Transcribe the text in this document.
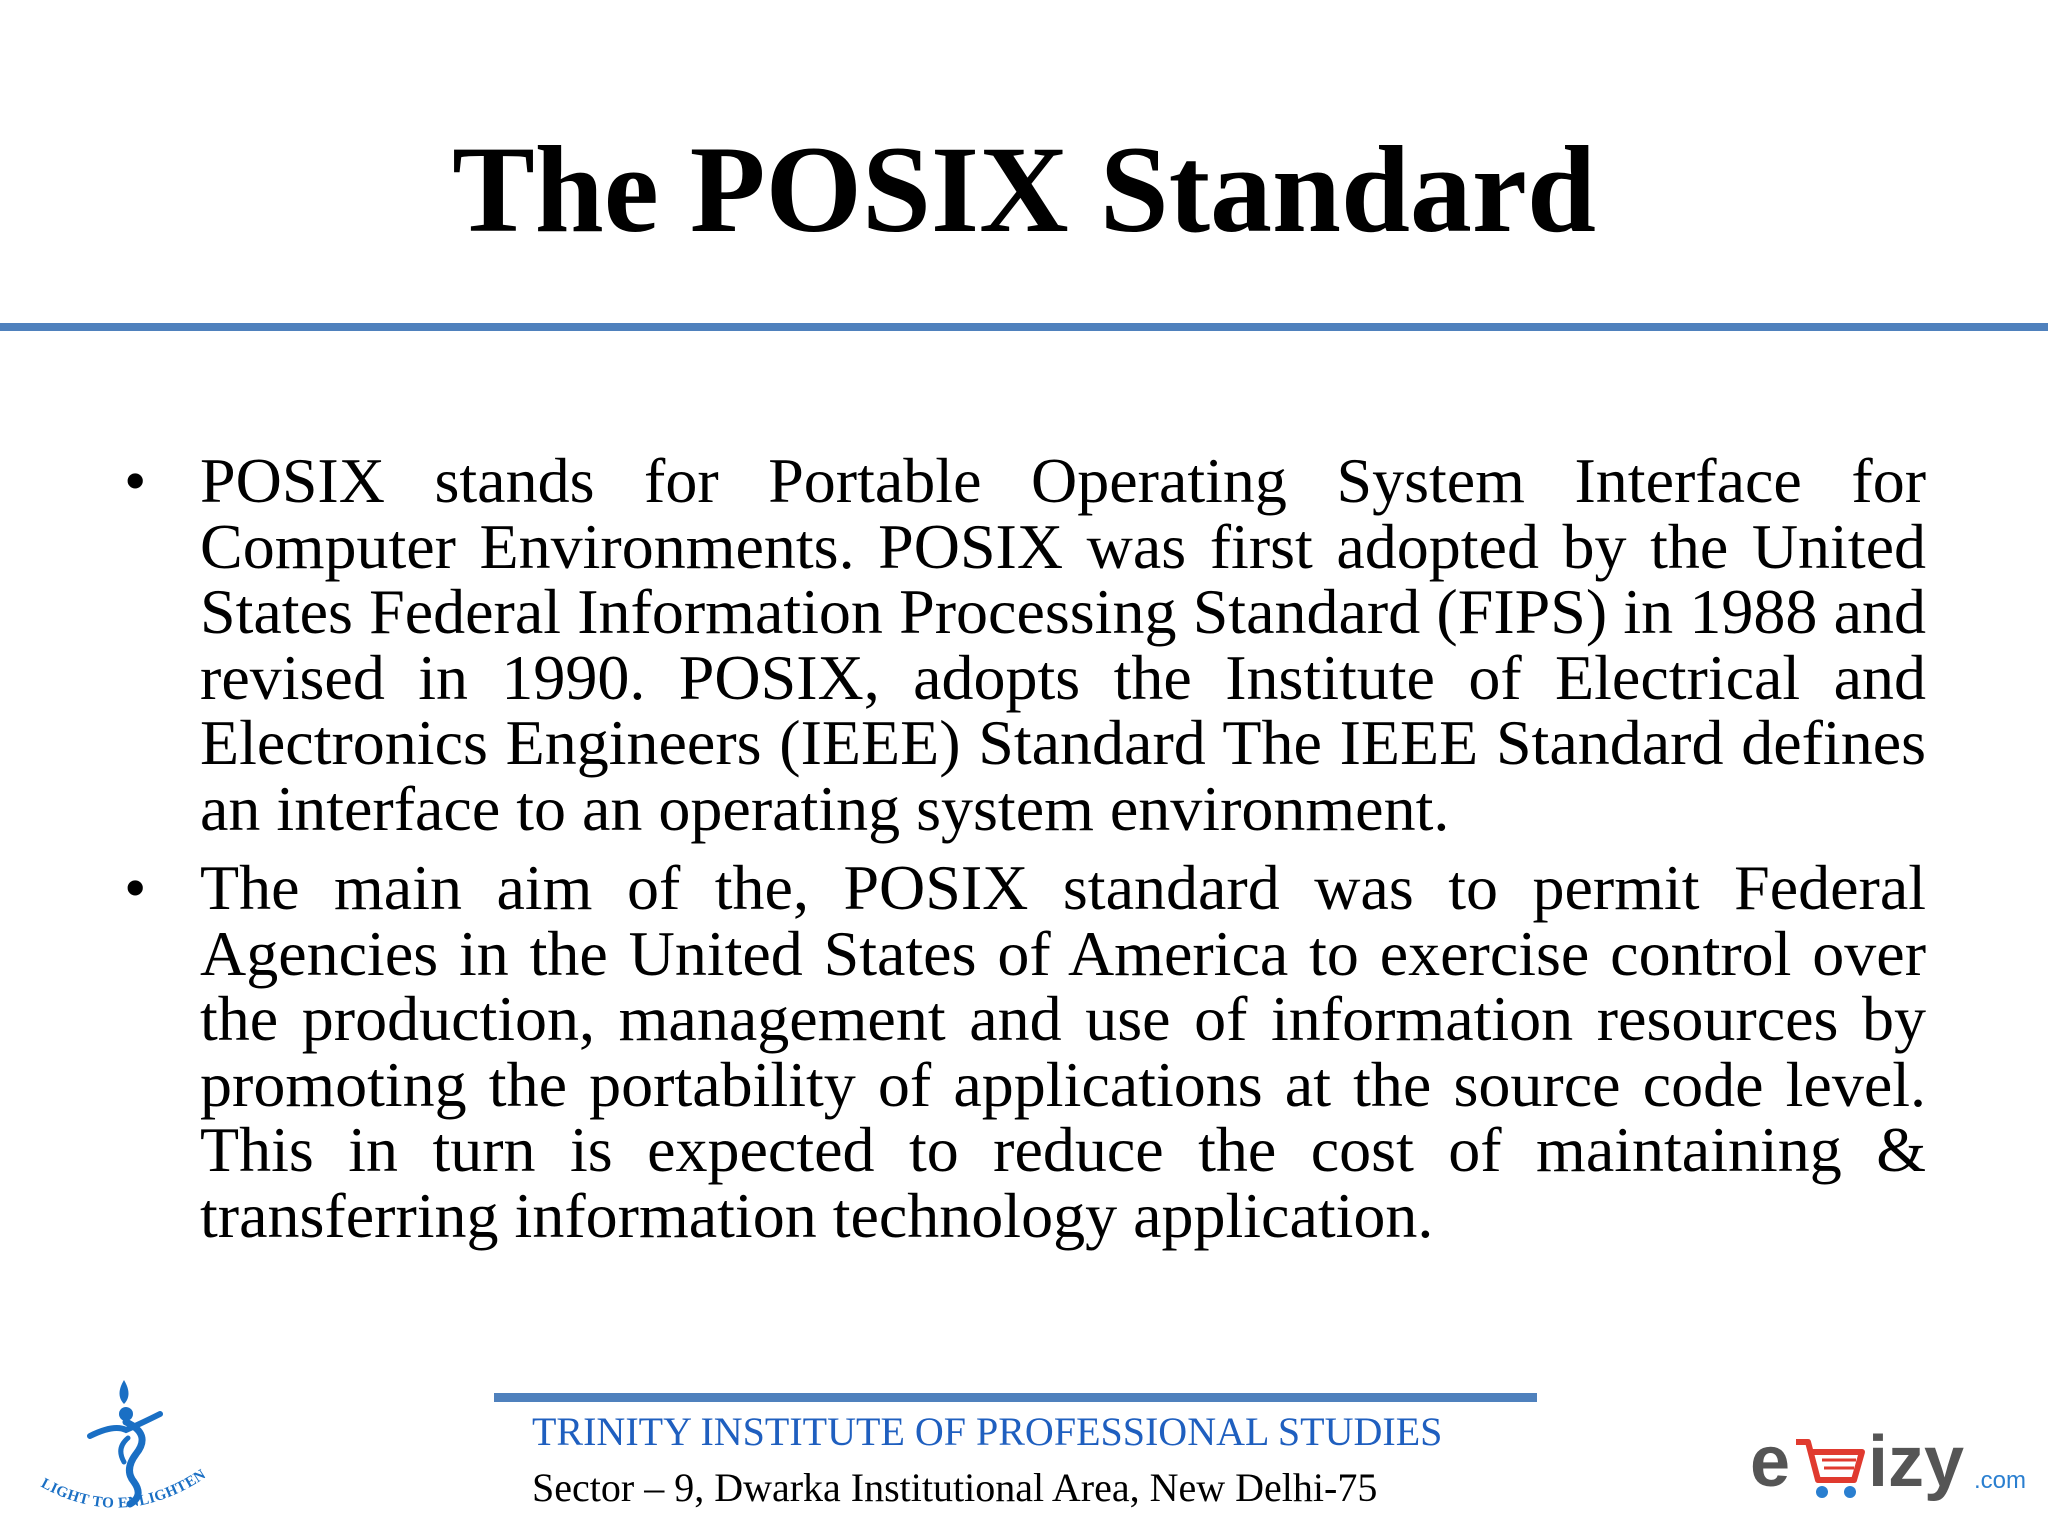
The POSIX Standard
• POSIX stands for Portable Operating System Interface for Computer Environments. POSIX was first adopted by the United States Federal Information Processing Standard (FIPS) in 1988 and revised in 1990. POSIX, adopts the Institute of Electrical and Electronics Engineers (IEEE) Standard The IEEE Standard defines an interface to an operating system environment.
• The main aim of the, POSIX standard was to permit Federal Agencies in the United States of America to exercise control over the production, management and use of information resources by promoting the portability of applications at the source code level. This in turn is expected to reduce the cost of maintaining & transferring information technology application.
TRINITY INSTITUTE OF PROFESSIONAL STUDIES
Sector – 9, Dwarka Institutional Area, New Delhi-75
LIGHT TO ENLIGHTEN	e izy .com
